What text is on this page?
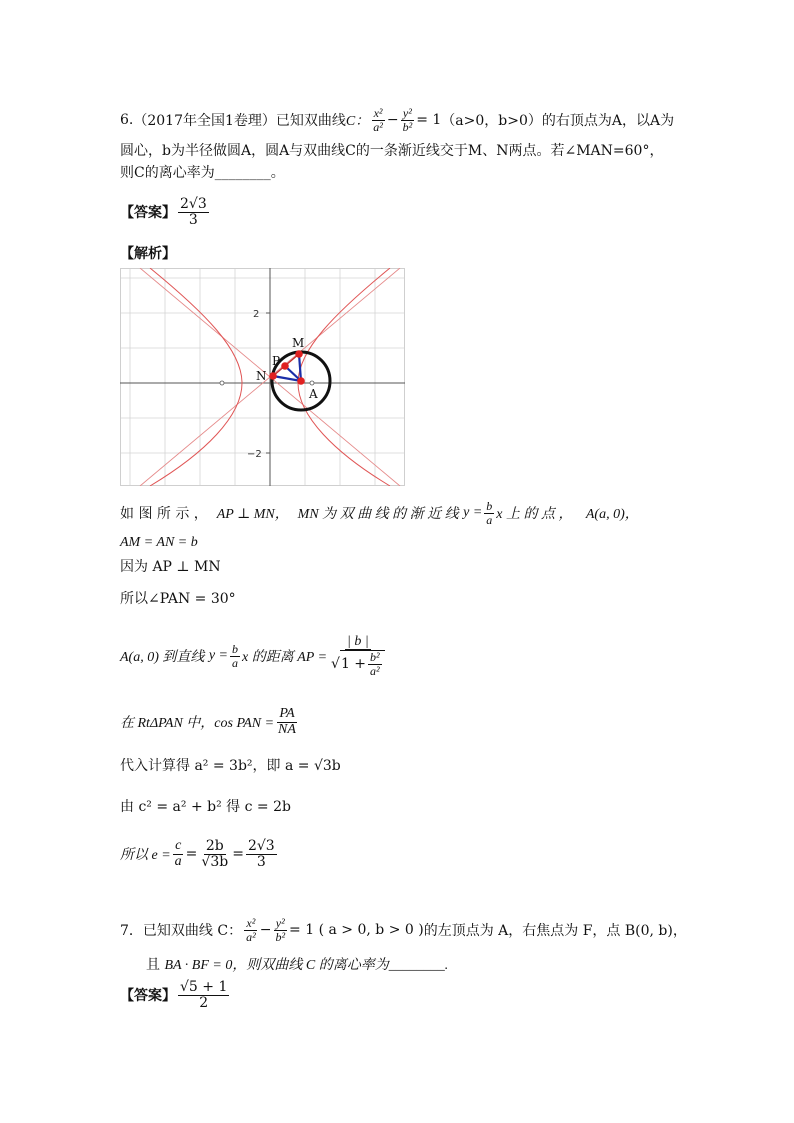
6. （2017年全国1卷理） 已知双曲线 C： $\frac{\text{x²}}{\text{a²}} - \frac{\text{y²}}{\text{b²}} = 1$ （a>0，b>0） 的右顶点为A，以A为
圆心，b为半径做圆A，圆A与双曲线C的一条渐近线交于M、N两点。若∠MAN=60°，
则C的离心率为________。
【答案】 $\frac{2√3}{3}$
【解析】
2
−2
M
P
N
A
如 图 所 示 ，
AP ⊥ MN，
MN 为 双 曲 线 的 渐 近 线
$y = \frac{b}{a}$ x 上 的 点 ，
A(a, 0)，
AM = AN = b
因为 AP ⊥ MN
所以∠PAN = 30°
A(a, 0) 到直线
$y = \frac{b}{a}$ x 的距离 AP = $\frac{| b |}{√ 1 + \frac{\text{b²}}{\text{a²}}}$
在 RtΔPAN 中，cos PAN = $\frac{PA}{NA}$
代入计算得 a² = 3b²，即 a = √3b
由 c² = a² + b² 得 c = 2b
所以 $e = \frac{c}{a} = \frac{2b}{√3b} = \frac{2√3}{3}$
7． 已知双曲线 C： $\frac{\text{x²}}{\text{a²}} - \frac{\text{y²}}{\text{b²}} = 1$ ( a > 0, b > 0 ) 的左顶点为 A，右焦点为 F，点 B(0, b)，
且
BA · BF = 0，则双曲线 C 的离心率为________.
【答案】 $\frac{√5 + 1}{2}$
